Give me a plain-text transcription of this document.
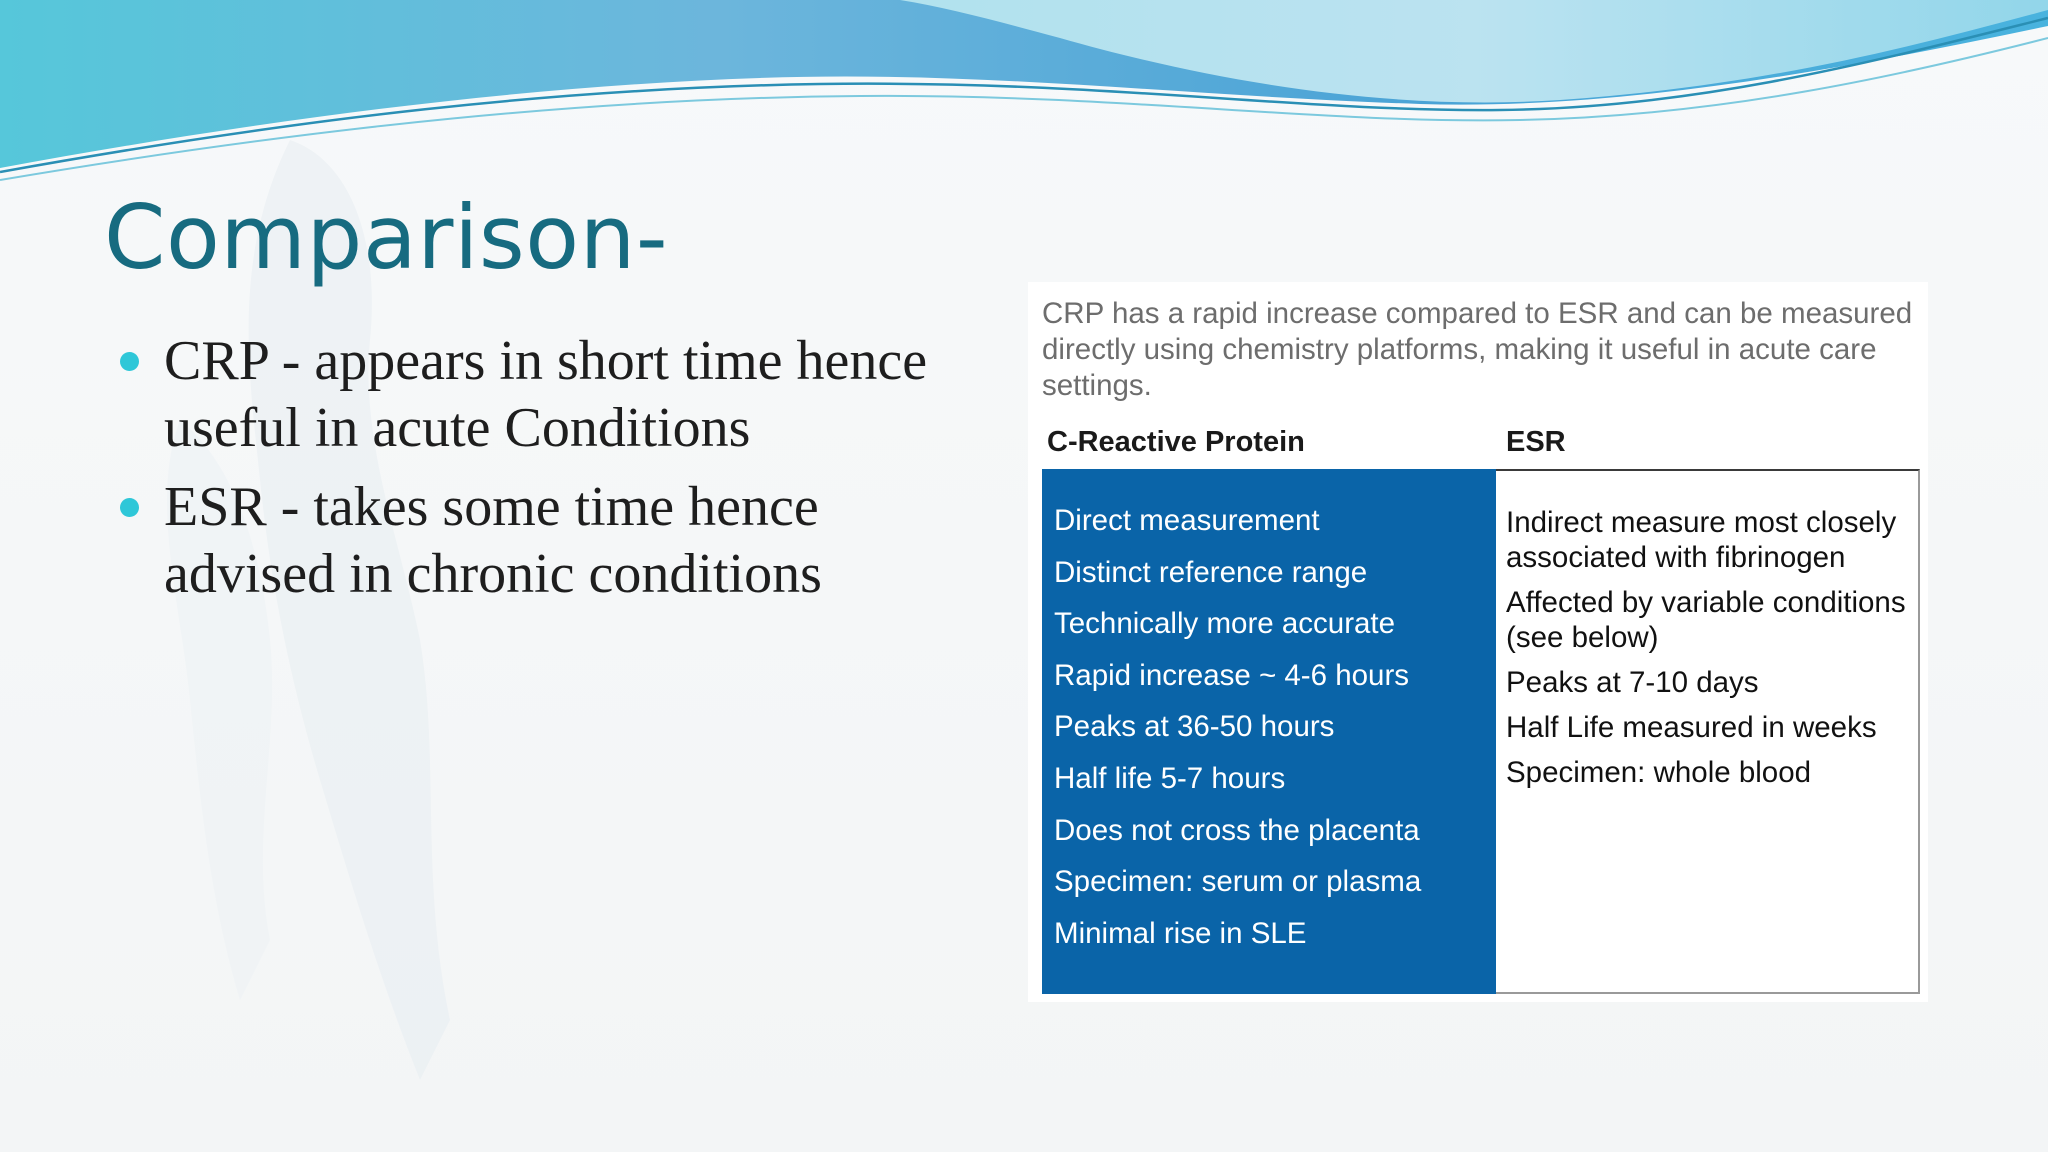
Comparison-
CRP - appears in short time hence useful in acute Conditions
ESR - takes some time hence advised in chronic conditions

CRP has a rapid increase compared to ESR and can be measured directly using chemistry platforms, making it useful in acute care settings.

C-Reactive Protein	ESR
Direct measurement
Distinct reference range
Technically more accurate
Rapid increase ~ 4-6 hours
Peaks at 36-50 hours
Half life 5-7 hours
Does not cross the placenta
Specimen: serum or plasma
Minimal rise in SLE
Indirect measure most closely associated with fibrinogen
Affected by variable conditions (see below)
Peaks at 7-10 days
Half Life measured in weeks
Specimen: whole blood
